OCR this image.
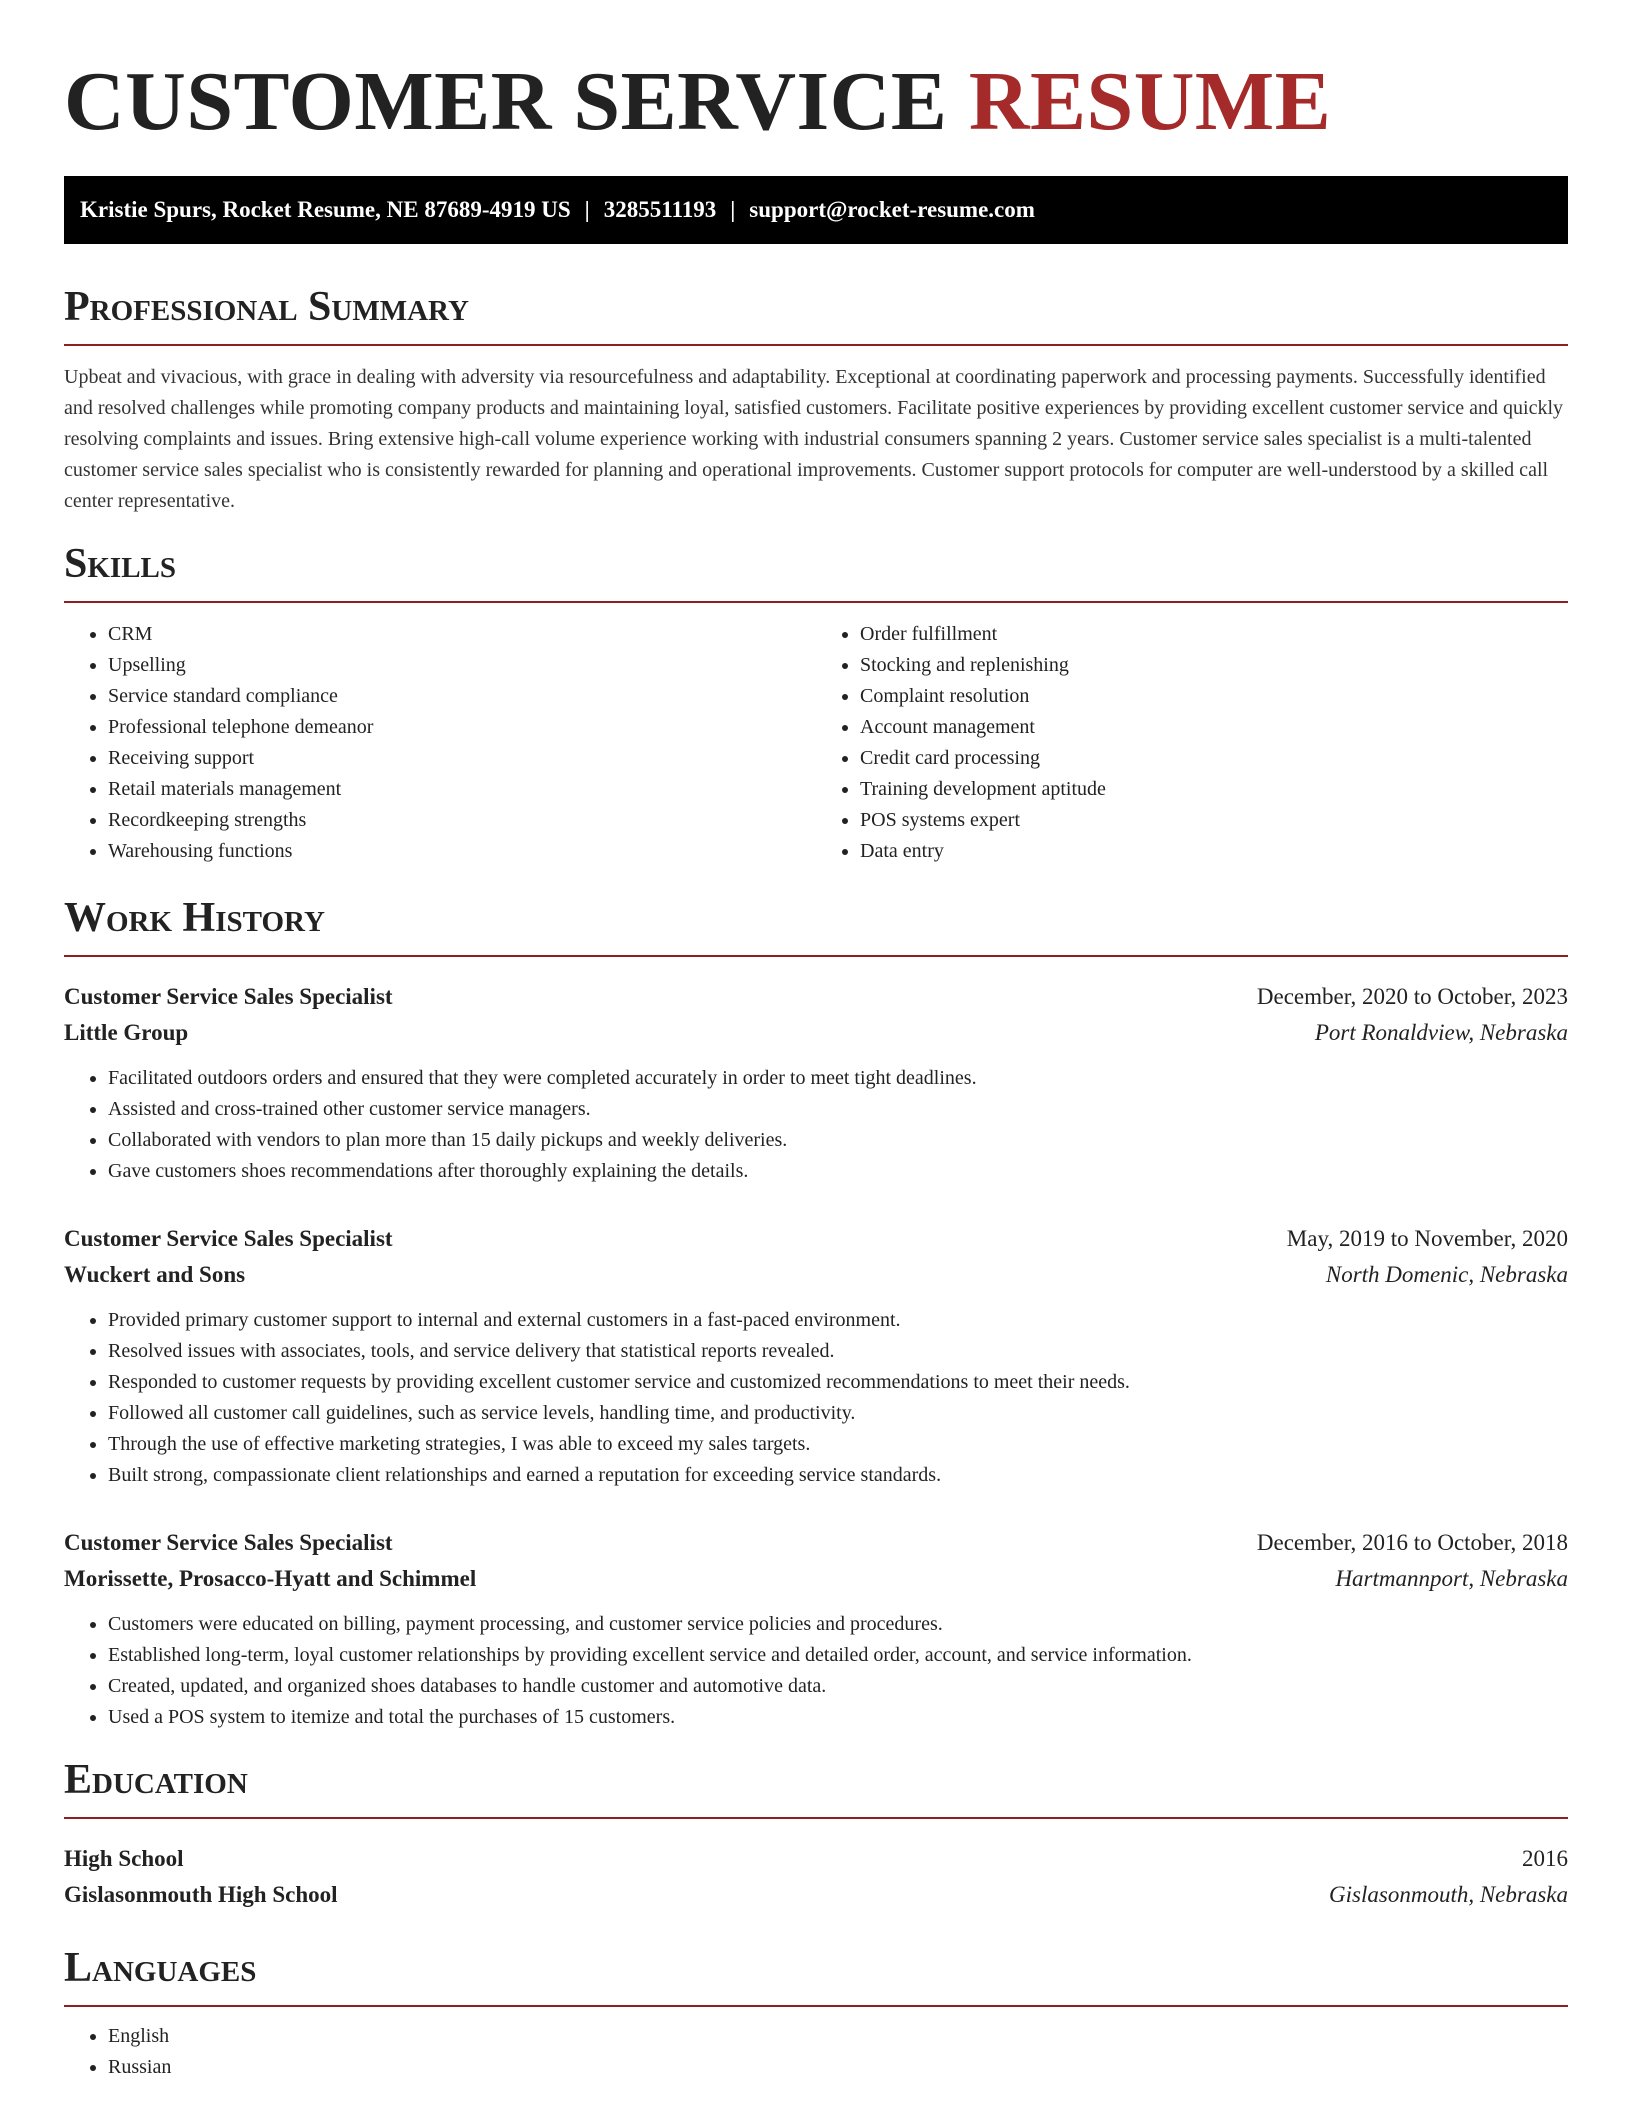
CUSTOMER SERVICE RESUME
Kristie Spurs, Rocket Resume, NE 87689-4919 US | 3285511193 | support@rocket-resume.com
Professional Summary

Upbeat and vivacious, with grace in dealing with adversity via resourcefulness and adaptability. Exceptional at coordinating paperwork and processing payments. Successfully identified and resolved challenges while promoting company products and maintaining loyal, satisfied customers. Facilitate positive experiences by providing excellent customer service and quickly resolving complaints and issues. Bring extensive high-call volume experience working with industrial consumers spanning 2 years. Customer service sales specialist is a multi-talented customer service sales specialist who is consistently rewarded for planning and operational improvements. Customer support protocols for computer are well-understood by a skilled call center representative.

Skills
• CRM
• Upselling
• Service standard compliance
• Professional telephone demeanor
• Receiving support
• Retail materials management
• Recordkeeping strengths
• Warehousing functions
• Order fulfillment
• Stocking and replenishing
• Complaint resolution
• Account management
• Credit card processing
• Training development aptitude
• POS systems expert
• Data entry
Work History
Customer Service Sales Specialist	December, 2020 to October, 2023
Little Group	Port Ronaldview, Nebraska
• Facilitated outdoors orders and ensured that they were completed accurately in order to meet tight deadlines.
• Assisted and cross-trained other customer service managers.
• Collaborated with vendors to plan more than 15 daily pickups and weekly deliveries.
• Gave customers shoes recommendations after thoroughly explaining the details.
Customer Service Sales Specialist	May, 2019 to November, 2020
Wuckert and Sons	North Domenic, Nebraska
• Provided primary customer support to internal and external customers in a fast-paced environment.
• Resolved issues with associates, tools, and service delivery that statistical reports revealed.
• Responded to customer requests by providing excellent customer service and customized recommendations to meet their needs.
• Followed all customer call guidelines, such as service levels, handling time, and productivity.
• Through the use of effective marketing strategies, I was able to exceed my sales targets.
• Built strong, compassionate client relationships and earned a reputation for exceeding service standards.
Customer Service Sales Specialist	December, 2016 to October, 2018
Morissette, Prosacco-Hyatt and Schimmel	Hartmannport, Nebraska
• Customers were educated on billing, payment processing, and customer service policies and procedures.
• Established long-term, loyal customer relationships by providing excellent service and detailed order, account, and service information.
• Created, updated, and organized shoes databases to handle customer and automotive data.
• Used a POS system to itemize and total the purchases of 15 customers.
Education
High School	2016
Gislasonmouth High School	Gislasonmouth, Nebraska
Languages
• English
• Russian
